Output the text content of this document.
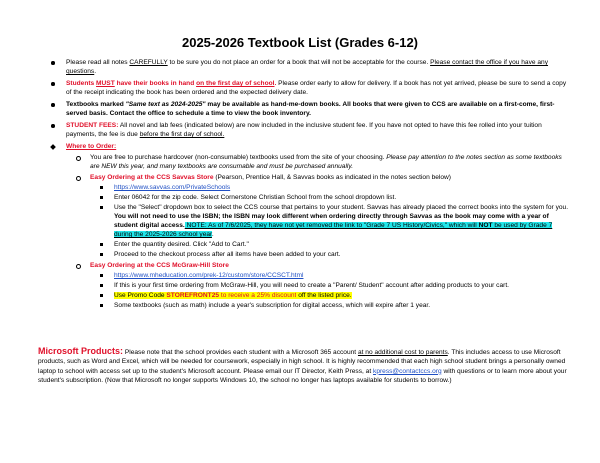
2025-2026 Textbook List (Grades 6-12)
Please read all notes CAREFULLY to be sure you do not place an order for a book that will not be acceptable for the course. Please contact the office if you have any questions.
Students MUST have their books in hand on the first day of school. Please order early to allow for delivery. If a book has not yet arrived, please be sure to send a copy of the receipt indicating the book has been ordered and the expected delivery date.
Textbooks marked "Same text as 2024-2025" may be available as hand-me-down books. All books that were given to CCS are available on a first-come, first-served basis. Contact the office to schedule a time to view the book inventory.
STUDENT FEES: All novel and lab fees (indicated below) are now included in the inclusive student fee. If you have not opted to have this fee rolled into your tuition payments, the fee is due before the first day of school.
Where to Order:
You are free to purchase hardcover (non-consumable) textbooks used from the site of your choosing. Please pay attention to the notes section as some textbooks are NEW this year, and many textbooks are consumable and must be purchased annually.
Easy Ordering at the CCS Savvas Store (Pearson, Prentice Hall, & Savvas books as indicated in the notes section below)
https://www.savvas.com/PrivateSchools
Enter 06042 for the zip code. Select Cornerstone Christian School from the school dropdown list.
Use the "Select" dropdown box to select the CCS course that pertains to your student. Savvas has already placed the correct books into the system for you. You will not need to use the ISBN; the ISBN may look different when ordering directly through Savvas as the book may come with a year of student digital access. NOTE: As of 7/6/2025, they have not yet removed the link to "Grade 7 US History/Civics," which will NOT be used by Grade 7 during the 2025-2026 school year.
Enter the quantity desired. Click "Add to Cart."
Proceed to the checkout process after all items have been added to your cart.
Easy Ordering at the CCS McGraw-Hill Store
https://www.mheducation.com/prek-12/custom/store/CCSCT.html
If this is your first time ordering from McGraw-Hill, you will need to create a "Parent/ Student" account after adding products to your cart.
Use Promo Code STOREFRONT25 to receive a 25% discount off the listed price.
Some textbooks (such as math) include a year's subscription for digital access, which will expire after 1 year.
Microsoft Products: Please note that the school provides each student with a Microsoft 365 account at no additional cost to parents. This includes access to use Microsoft products, such as Word and Excel, which will be needed for coursework, especially in high school. It is highly recommended that each high school student brings a personally owned laptop to school with access set up to the student's Microsoft account. Please email our IT Director, Keith Press, at kpress@contactccs.org with questions or to learn more about your student's subscription. (Now that Microsoft no longer supports Windows 10, the school no longer has laptops available for students to borrow.)
